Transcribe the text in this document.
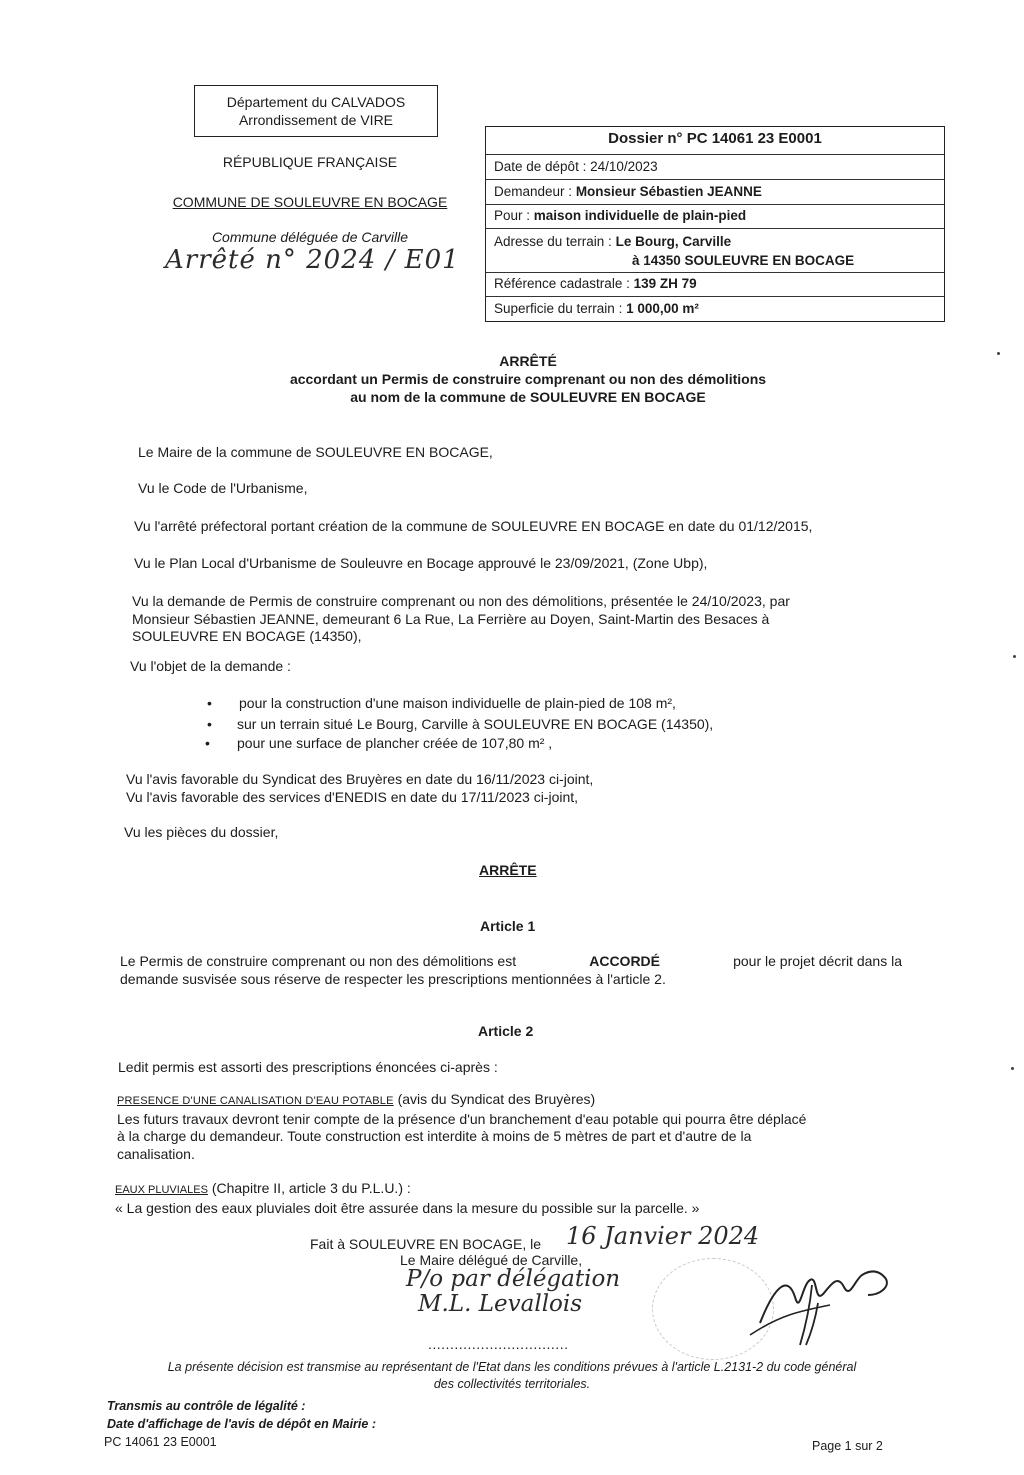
Département du CALVADOS
Arrondissement de VIRE
RÉPUBLIQUE FRANÇAISE
COMMUNE DE SOULEUVRE EN BOCAGE
Commune déléguée de Carville
Arrêté n° 2024 / E01
Dossier n° PC 14061 23 E0001
Date de dépôt : 24/10/2023
Demandeur : Monsieur Sébastien JEANNE
Pour : maison individuelle de plain-pied
Adresse du terrain : Le Bourg, Carville
à 14350 SOULEUVRE EN BOCAGE
Référence cadastrale : 139 ZH 79
Superficie du terrain : 1 000,00 m²
ARRÊTÉ
accordant un Permis de construire comprenant ou non des démolitions
au nom de la commune de SOULEUVRE EN BOCAGE
Le Maire de la commune de SOULEUVRE EN BOCAGE,
Vu le Code de l'Urbanisme,
Vu l'arrêté préfectoral portant création de la commune de SOULEUVRE EN BOCAGE en date du 01/12/2015,
Vu le Plan Local d'Urbanisme de Souleuvre en Bocage approuvé le 23/09/2021, (Zone Ubp),
Vu la demande de Permis de construire comprenant ou non des démolitions, présentée le 24/10/2023, par
Monsieur Sébastien JEANNE, demeurant 6 La Rue, La Ferrière au Doyen, Saint-Martin des Besaces à
SOULEUVRE EN BOCAGE (14350),
Vu l'objet de la demande :
• pour la construction d'une maison individuelle de plain-pied de 108 m²,
• sur un terrain situé Le Bourg, Carville à SOULEUVRE EN BOCAGE (14350),
• pour une surface de plancher créée de 107,80 m² ,
Vu l'avis favorable du Syndicat des Bruyères en date du 16/11/2023 ci-joint,
Vu l'avis favorable des services d'ENEDIS en date du 17/11/2023 ci-joint,
Vu les pièces du dossier,
ARRÊTE
Article 1
Le Permis de construire comprenant ou non des démolitions est	ACCORDÉ	pour le projet décrit dans la
demande susvisée sous réserve de respecter les prescriptions mentionnées à l'article 2.
Article 2
Ledit permis est assorti des prescriptions énoncées ci-après :
PRESENCE D'UNE CANALISATION D'EAU POTABLE (avis du Syndicat des Bruyères)
Les futurs travaux devront tenir compte de la présence d'un branchement d'eau potable qui pourra être déplacé
à la charge du demandeur. Toute construction est interdite à moins de 5 mètres de part et d'autre de la
canalisation.
EAUX PLUVIALES (Chapitre II, article 3 du P.L.U.) :
« La gestion des eaux pluviales doit être assurée dans la mesure du possible sur la parcelle. »
Fait à SOULEUVRE EN BOCAGE, le 16 Janvier 2024
Le Maire délégué de Carville,
P/o par délégation
M.L. Levallois
................................
La présente décision est transmise au représentant de l'Etat dans les conditions prévues à l'article L.2131-2 du code général
des collectivités territoriales.
Transmis au contrôle de légalité :
Date d'affichage de l'avis de dépôt en Mairie :
PC 14061 23 E0001	Page 1 sur 2
